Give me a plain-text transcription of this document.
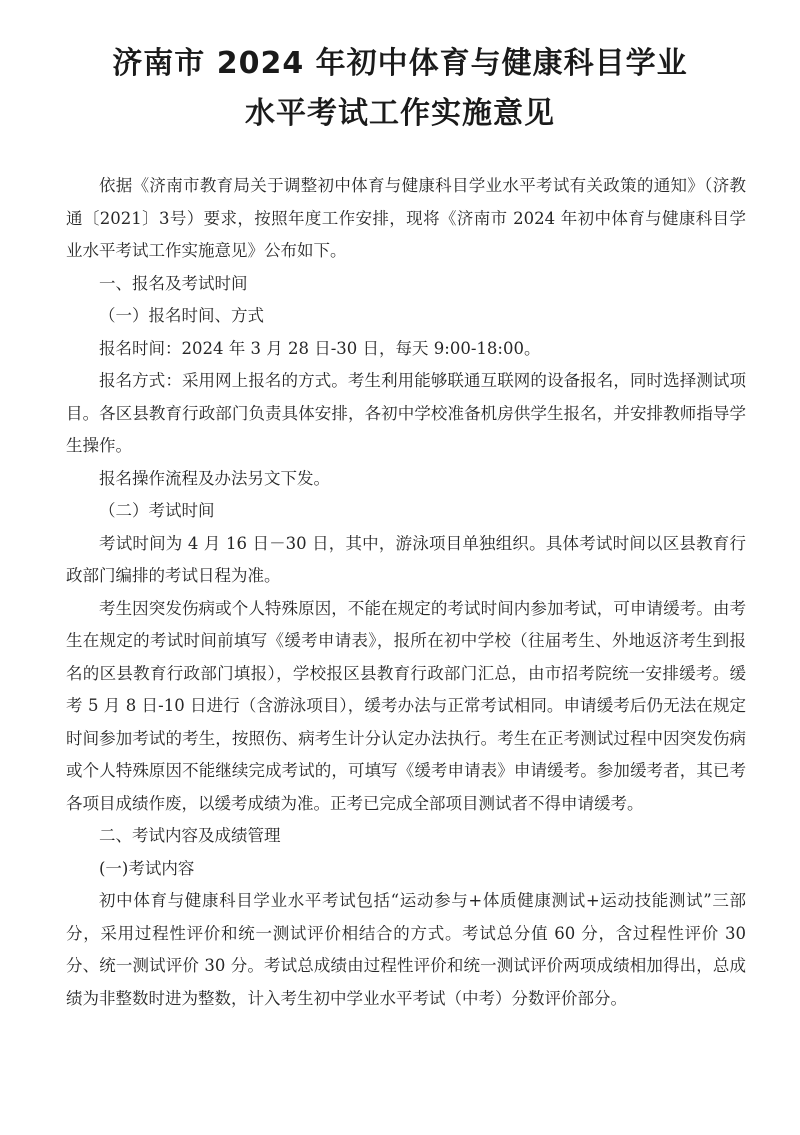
济南市 2024 年初中体育与健康科目学业
水平考试工作实施意见

依据《济南市教育局关于调整初中体育与健康科目学业水平考试有关政策的通知》（济教通〔2021〕3号）要求，按照年度工作安排，现将《济南市 2024 年初中体育与健康科目学业水平考试工作实施意见》公布如下。

一、报名及考试时间

（一）报名时间、方式

报名时间：2024 年 3 月 28 日-30 日，每天 9:00-18:00。

报名方式：采用网上报名的方式。考生利用能够联通互联网的设备报名，同时选择测试项目。各区县教育行政部门负责具体安排，各初中学校准备机房供学生报名，并安排教师指导学生操作。

报名操作流程及办法另文下发。

（二）考试时间

考试时间为 4 月 16 日－30 日，其中，游泳项目单独组织。具体考试时间以区县教育行政部门编排的考试日程为准。

考生因突发伤病或个人特殊原因，不能在规定的考试时间内参加考试，可申请缓考。由考生在规定的考试时间前填写《缓考申请表》，报所在初中学校（往届考生、外地返济考生到报名的区县教育行政部门填报），学校报区县教育行政部门汇总，由市招考院统一安排缓考。缓考 5 月 8 日-10 日进行（含游泳项目），缓考办法与正常考试相同。申请缓考后仍无法在规定时间参加考试的考生，按照伤、病考生计分认定办法执行。考生在正考测试过程中因突发伤病或个人特殊原因不能继续完成考试的，可填写《缓考申请表》申请缓考。参加缓考者，其已考各项目成绩作废，以缓考成绩为准。正考已完成全部项目测试者不得申请缓考。

二、考试内容及成绩管理

(一)考试内容

初中体育与健康科目学业水平考试包括“运动参与+体质健康测试+运动技能测试”三部分，采用过程性评价和统一测试评价相结合的方式。考试总分值 60 分，含过程性评价 30 分、统一测试评价 30 分。考试总成绩由过程性评价和统一测试评价两项成绩相加得出，总成绩为非整数时进为整数，计入考生初中学业水平考试（中考）分数评价部分。
